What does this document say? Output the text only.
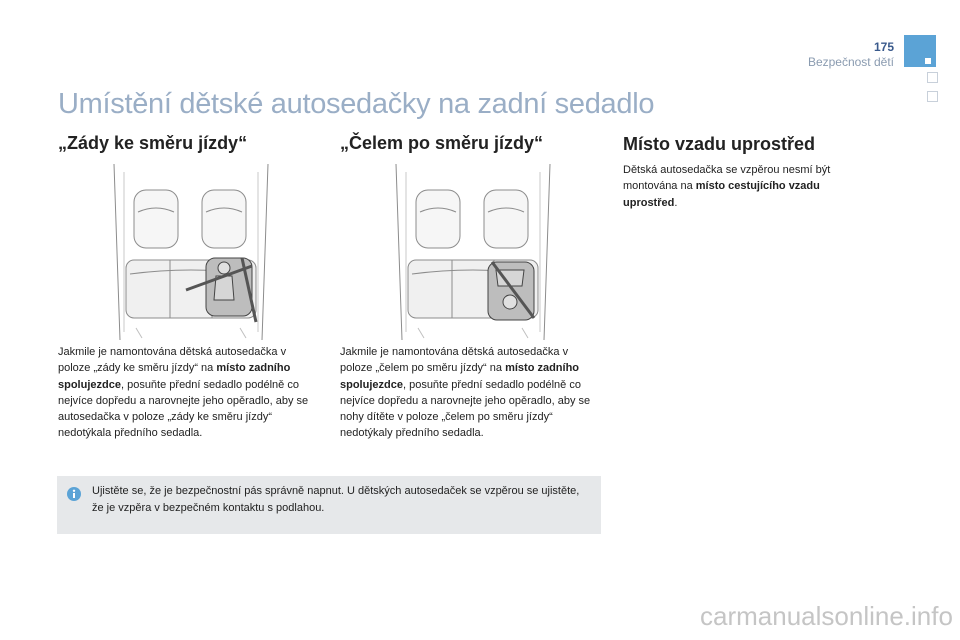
175
Bezpečnost dětí
Umístění dětské autosedačky na zadní sedadlo
„Zády ke směru jízdy“

Jakmile je namontována dětská autosedačka v poloze „zády ke směru jízdy“ na místo zadního spolujezdce, posuňte přední sedadlo podélně co nejvíce dopředu a narovnejte jeho opěradlo, aby se autosedačka v poloze „zády ke směru jízdy“ nedotýkala předního sedadla.

„Čelem po směru jízdy“

Jakmile je namontována dětská autosedačka v poloze „čelem po směru jízdy“ na místo zadního spolujezdce, posuňte přední sedadlo podélně co nejvíce dopředu a narovnejte jeho opěradlo, aby se nohy dítěte v poloze „čelem po směru jízdy“ nedotýkaly předního sedadla.

Místo vzadu uprostřed

Dětská autosedačka se vzpěrou nesmí být montována na místo cestujícího vzadu uprostřed.

Ujistěte se, že je bezpečnostní pás správně napnut. U dětských autosedaček se vzpěrou se ujistěte, že je vzpěra v bezpečném kontaktu s podlahou.

carmanualsonline.info
